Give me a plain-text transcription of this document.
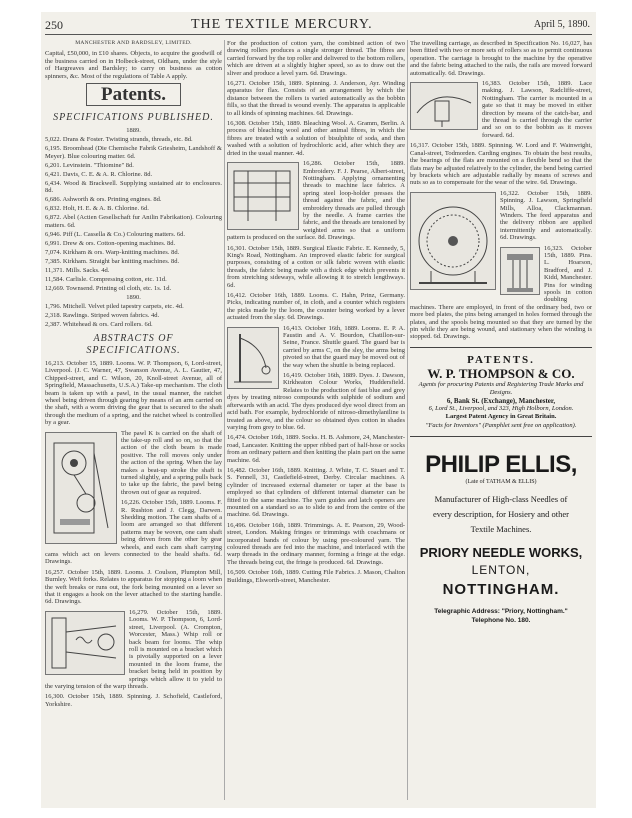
250	THE TEXTILE MERCURY.	April 5, 1890.

MANCHESTER AND BARDSLEY, LIMITED.

Capital, £50,000, in £10 shares. Objects, to acquire the goodwill of the business carried on in Holbeck-street, Oldham, under the style of Hargreaves and Bardsley; to carry on business as cotton spinners, &c. Most of the regulations of Table A apply.

Patents.
SPECIFICATIONS PUBLISHED.
1889.

5,022. Drans & Foster. Twisting strands, threads, etc. 8d.

6,195. Broomhead (Die Chemische Fabrik Griesheim, Landshoff & Meyer). Blue colouring matter. 6d.

6,201. Levinstein. "Thiomine" 8d.

6,421. Davis, C. E. & A. R. Chlorine. 8d.

6,434. Wood & Brackwell. Supplying sustained air to enclosures. 8d.

6,686. Ashworth & ors. Printing engines. 8d.

6,832. Holt, H. E. & A. B. Chlorine. 6d.

6,872. Abel (Actien Gesellschaft fur Anilin Fabrikation). Colouring matters. 6d.

6,946. Piff (L. Cassella & Co.) Colouring matters. 6d.

6,991. Drew & ors. Cotton-opening machines. 8d.

7,074. Kirkham & ors. Warp-knitting machines. 8d.

7,385. Kirkham. Straight bar knitting machines. 8d.

11,371. Mills. Sacks. 4d.

11,584. Carlisle. Compressing cotton, etc. 11d.

12,669. Townsend. Printing oil cloth, etc. 1s. 1d.

1890.

1,796. Mitchell. Velvet piled tapestry carpets, etc. 4d.

2,318. Rawlings. Striped woven fabrics. 4d.

2,387. Whitehead & ors. Card rollers. 6d.

ABSTRACTS OF SPECIFICATIONS.

16,213. October 15, 1889. Looms. W. P. Thompson, 6, Lord-street, Liverpool. (J. C. Warner, 47, Swanson Avenue, A. L. Gautier, 47, Chipped-street, and C. Wilson, 20, Knoll-street Avenue, all of Springfield, Massachusetts, U.S.A.) Take-up mechanism. The cloth beam is taken up with a pawl, in the usual manner, the ratchet wheel being driven through gearing by means of an arm carried on the shaft, with a worm driving the gear that is secured to the shaft through the medium of a spring, and the ratchet wheel is controlled by a gear.

The pawl K is carried on the shaft of the take-up roll and so on, so that the action of the cloth beam is made positive. The roll moves only under the action of the spring. When the lay makes a beat-up stroke the shaft is turned slightly, and a spring pulls back to take up the fabric, the pawl being thrown out of gear as required.

16,226. October 15th, 1889. Looms. F. R. Rushton and J. Clegg, Darwen. Shedding motion. The cam shafts of a loom are arranged so that different patterns may be woven, one cam shaft being driven from the other by gear wheels, and each cam shaft carrying cams which act on levers connected to the heald shafts. 6d. Drawings.

16,257. October 15th, 1889. Looms. J. Coulson, Plumpton Mill, Burnley. Weft forks. Relates to apparatus for stopping a loom when the weft breaks or runs out, the fork being mounted on a lever so that it engages a hook on the lever attached to the starting handle. 6d. Drawings.

16,279. October 15th, 1889. Looms. W. P. Thompson, 6, Lord-street, Liverpool. (A. Crompton, Worcester, Mass.) Whip roll or back beam for looms. The whip roll is mounted on a bracket which is pivotally supported on a lever mounted in the loom frame, the bracket being held in position by springs which allow it to yield to the varying tension of the warp threads.

16,300. October 15th, 1889. Spinning. J. Schofield, Castleford, Yorkshire.

For the production of cotton yarn, the combined action of two drawing rollers produces a single stronger thread. The fibres are carried forward by the top roller and delivered to the bottom rollers, which are driven at a slightly higher speed, so as to draw out the sliver and produce a level yarn. 6d. Drawings.

16,271. October 15th, 1889. Spinning. J. Anderson, Ayr. Winding apparatus for flax. Consists of an arrangement by which the distance between the rollers is varied automatically as the bobbin fills, so that the thread is wound evenly. The apparatus is applicable to all kinds of spinning machines. 6d. Drawings.

16,308. October 15th, 1889. Bleaching Wool. A. Gramm, Berlin. A process of bleaching wool and other animal fibres, in which the fibres are treated with a solution of bisulphite of soda, and then washed with a solution of hydrochloric acid, after which they are dried in the usual manner. 4d.

16,286. October 15th, 1889. Embroidery. F. J. Pearse, Albert-street, Nottingham. Applying ornamenting threads to machine lace fabrics. A spring steel loop-holder presses the thread against the fabric, and the embroidery threads are pulled through by the needle. A frame carries the fabric, and the threads are tensioned by weighted arms so that a uniform pattern is produced on the surface. 8d. Drawings.

16,301. October 15th, 1889. Surgical Elastic Fabric. E. Kennedy, 5, King's Road, Nottingham. An improved elastic fabric for surgical purposes, consisting of a cotton or silk fabric woven with elastic threads, the fabric being made with a thick edge which prevents it from stretching sideways, while allowing it to stretch lengthways. 6d.

16,412. October 16th, 1889. Looms. C. Hahn, Prinz, Germany. Picks, indicating number of, in cloth, and a counter which registers the picks made by the loom, the counter being worked by a lever actuated from the slay. 6d. Drawings.

16,413. October 16th, 1889. Looms. E. P. A. Faustin and A. V. Bourdon, Chatillon-sur-Seine, France. Shuttle guard. The guard bar is carried by arms C, on the sley, the arms being pivoted so that the guard may be moved out of the way when the shuttle is being replaced.

16,419. October 16th, 1889. Dyes. J. Dawson, Kirkheaton Colour Works, Huddersfield. Relates to the production of fast blue and grey dyes by treating nitroso compounds with sulphide of sodium and afterwards with an acid. The dyes produced dye wool direct from an acid bath. For example, hydrochloride of nitroso-dimethylaniline is treated as above, and the colour so obtained dyes cotton in shades varying from grey to blue. 6d.

16,474. October 16th, 1889. Socks. H. B. Ashmore, 24, Manchester-road, Lancaster. Knitting the upper ribbed part of half-hose or socks from an ordinary pattern and then knitting the plain part on the same machine. 6d.

16,482. October 16th, 1889. Knitting. J. White, T. C. Stuart and T. S. Fennell, 31, Castlefield-street, Derby. Circular machines. A cylinder of increased external diameter or taper at the base is employed so that cylinders of different internal diameter can be fitted to the same machine. The yarn guides and latch openers are mounted on a standard so as to slide to and from the centre of the machine. 6d. Drawings.

16,496. October 16th, 1889. Trimmings. A. E. Pearson, 29, Wood-street, London. Making fringes or trimmings with coachmans or incorporated bands of colour by using pre-coloured yarn. The coloured threads are fed into the machine, and interlaced with the warp threads in the ordinary manner, forming a fringe at the edge. The threads being cut, the fringe is produced. 6d. Drawings.

16,509. October 16th, 1889. Cutting File Fabrics. J. Mason, Chalton Buildings, Elsworth-street, Manchester.

The travelling carriage, as described in Specification No. 16,027, has been fitted with two or more sets of rollers so as to permit continuous operation. The carriage is brought to the machine by the operative and the fabric being attached to the rails, the rails are moved forward automatically. 6d. Drawings.

16,383. October 15th, 1889. Lace making. J. Lawson, Radcliffe-street, Nottingham. The carrier is mounted in a gate so that it may be moved in either direction by means of the catch-bar, and the thread is carried through the carrier and so on to the bobbin as it moves forward. 6d.

16,317. October 15th, 1889. Spinning. W. Lord and F. Wainwright, Canal-street, Todmorden. Carding engines. To obtain the best results, the bearings of the flats are mounted on a flexible bend so that the flats may be adjusted relatively to the cylinder, the bend being carried by brackets which are adjustable radially by means of screws and nuts so as to compensate for the wear of the wire. 6d. Drawings.

16,322. October 15th, 1889. Spinning. J. Lawson, Springfield Mills, Alloa, Clackmannan. Winders. The feed apparatus and the delivery ribbon are applied intermittently and automatically. 6d. Drawings.

16,323. October 15th, 1889. Pins. L. Hoarson, Bradford, and J. Kidd, Manchester. Pins for winding spools in cotton doubling machines. There are employed, in front of the ordinary bed, two or more bed plates, the pins being arranged in holes formed through the plates, and the spools being mounted so that they are turned by the pin while they are being wound, and stationary when the winding is stopped. 6d. Drawings.

PATENTS.
W. P. THOMPSON & CO.
Agents for procuring Patents and Registering Trade Marks and Designs.
6, Bank St. (Exchange), Manchester,
6, Lord St., Liverpool, and 323, High Holborn, London.
Largest Patent Agency in Great Britain.
"Facts for Inventors" (Pamphlet sent free on application).
PHILIP ELLIS,
(Late of TATHAM & ELLIS)
Manufacturer of High-class Needles of
every description, for Hosiery and other
Textile Machines.
PRIORY NEEDLE WORKS,
LENTON,
NOTTINGHAM.
Telegraphic Address: "Priory, Nottingham."
Telephone No. 180.
